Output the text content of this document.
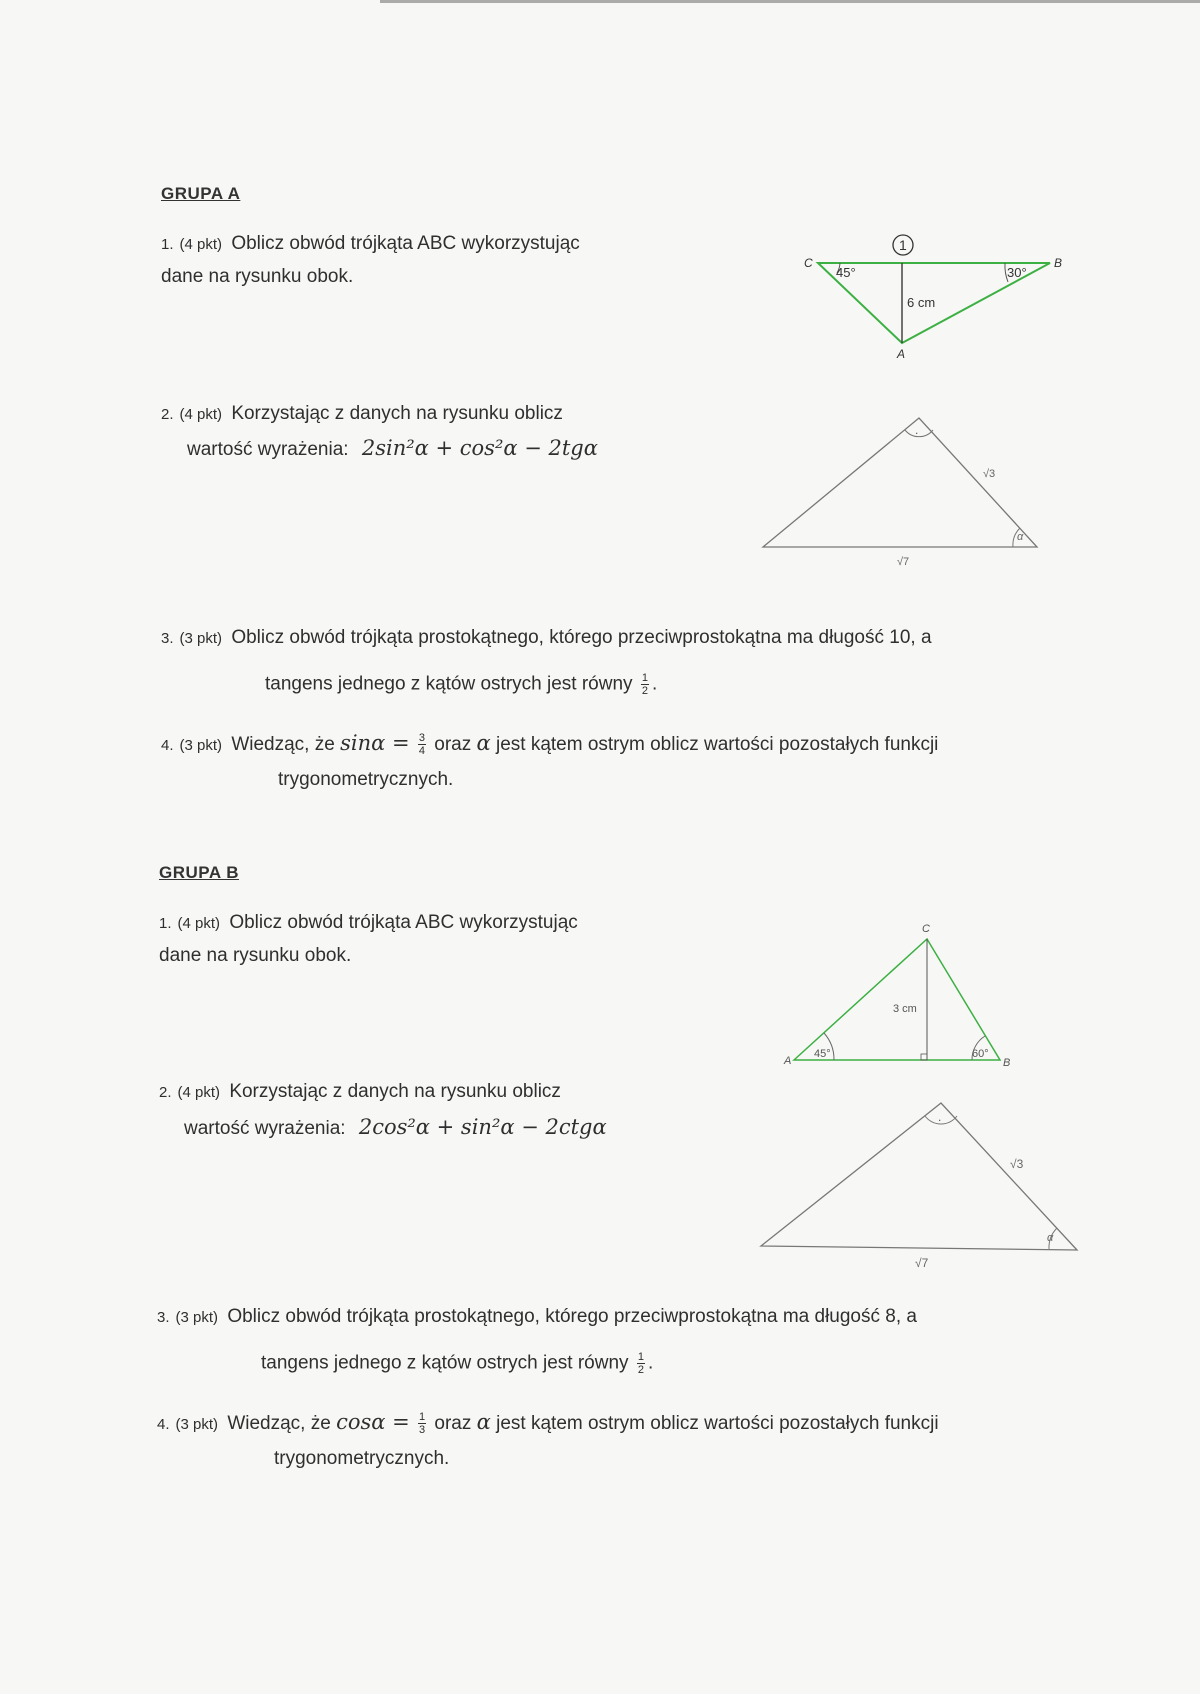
GRUPA A
1. (4 pkt) Oblicz obwód trójkąta ABC wykorzystując
dane na rysunku obok.
2. (4 pkt) Korzystając z danych na rysunku oblicz
wartość wyrażenia: 2sin²α + cos²α − 2tgα
3. (3 pkt) Oblicz obwód trójkąta prostokątnego, którego przeciwprostokątna ma długość 10, a
tangens jednego z kątów ostrych jest równy $\frac{1}{2}$ .
4. (3 pkt) Wiedząc, że $\sin\alpha = \frac{3}{4}$ oraz α jest kątem ostrym oblicz wartości pozostałych funkcji
trygonometrycznych.
C	B
A
45°	30°
6 cm
1
.
√3
√7
α
GRUPA B
1. (4 pkt) Oblicz obwód trójkąta ABC wykorzystując
dane na rysunku obok.
2. (4 pkt) Korzystając z danych na rysunku oblicz
wartość wyrażenia: 2cos²α + sin²α − 2ctgα
3. (3 pkt) Oblicz obwód trójkąta prostokątnego, którego przeciwprostokątna ma długość 8, a
tangens jednego z kątów ostrych jest równy $\frac{1}{2}$ .
4. (3 pkt) Wiedząc, że $\cos\alpha = \frac{1}{3}$ oraz α jest kątem ostrym oblicz wartości pozostałych funkcji
trygonometrycznych.
C
A	B
45°	60°
3 cm
.
√3
√7
α
